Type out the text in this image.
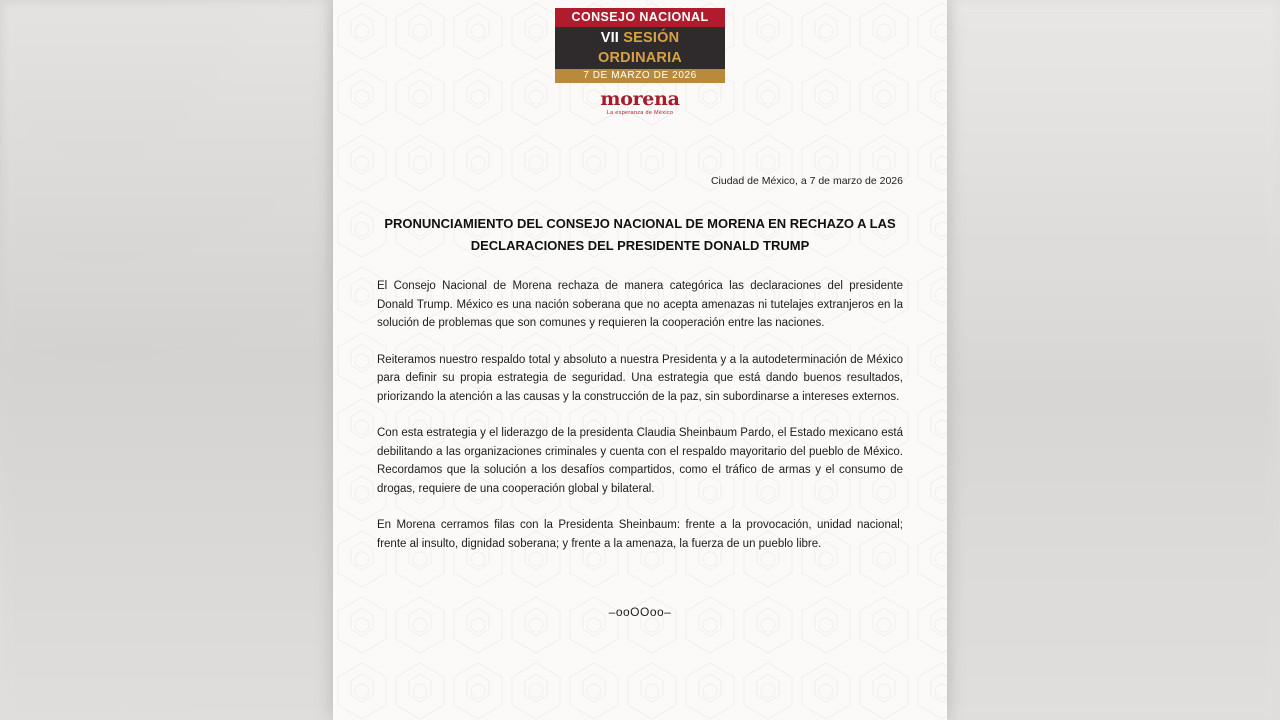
CONSEJO NACIONAL
VII SESIÓN ORDINARIA
7 DE MARZO DE 2026
morena
La esperanza de México
Ciudad de México, a 7 de marzo de 2026
PRONUNCIAMIENTO DEL CONSEJO NACIONAL DE MORENA EN RECHAZO A LAS DECLARACIONES DEL PRESIDENTE DONALD TRUMP

El Consejo Nacional de Morena rechaza de manera categórica las declaraciones del presidente Donald Trump. México es una nación soberana que no acepta amenazas ni tutelajes extranjeros en la solución de problemas que son comunes y requieren la cooperación entre las naciones.

Reiteramos nuestro respaldo total y absoluto a nuestra Presidenta y a la autodeterminación de México para definir su propia estrategia de seguridad. Una estrategia que está dando buenos resultados, priorizando la atención a las causas y la construcción de la paz, sin subordinarse a intereses externos.

Con esta estrategia y el liderazgo de la presidenta Claudia Sheinbaum Pardo, el Estado mexicano está debilitando a las organizaciones criminales y cuenta con el respaldo mayoritario del pueblo de México. Recordamos que la solución a los desafíos compartidos, como el tráfico de armas y el consumo de drogas, requiere de una cooperación global y bilateral.

En Morena cerramos filas con la Presidenta Sheinbaum: frente a la provocación, unidad nacional; frente al insulto, dignidad soberana; y frente a la amenaza, la fuerza de un pueblo libre.

–ooOOoo–
